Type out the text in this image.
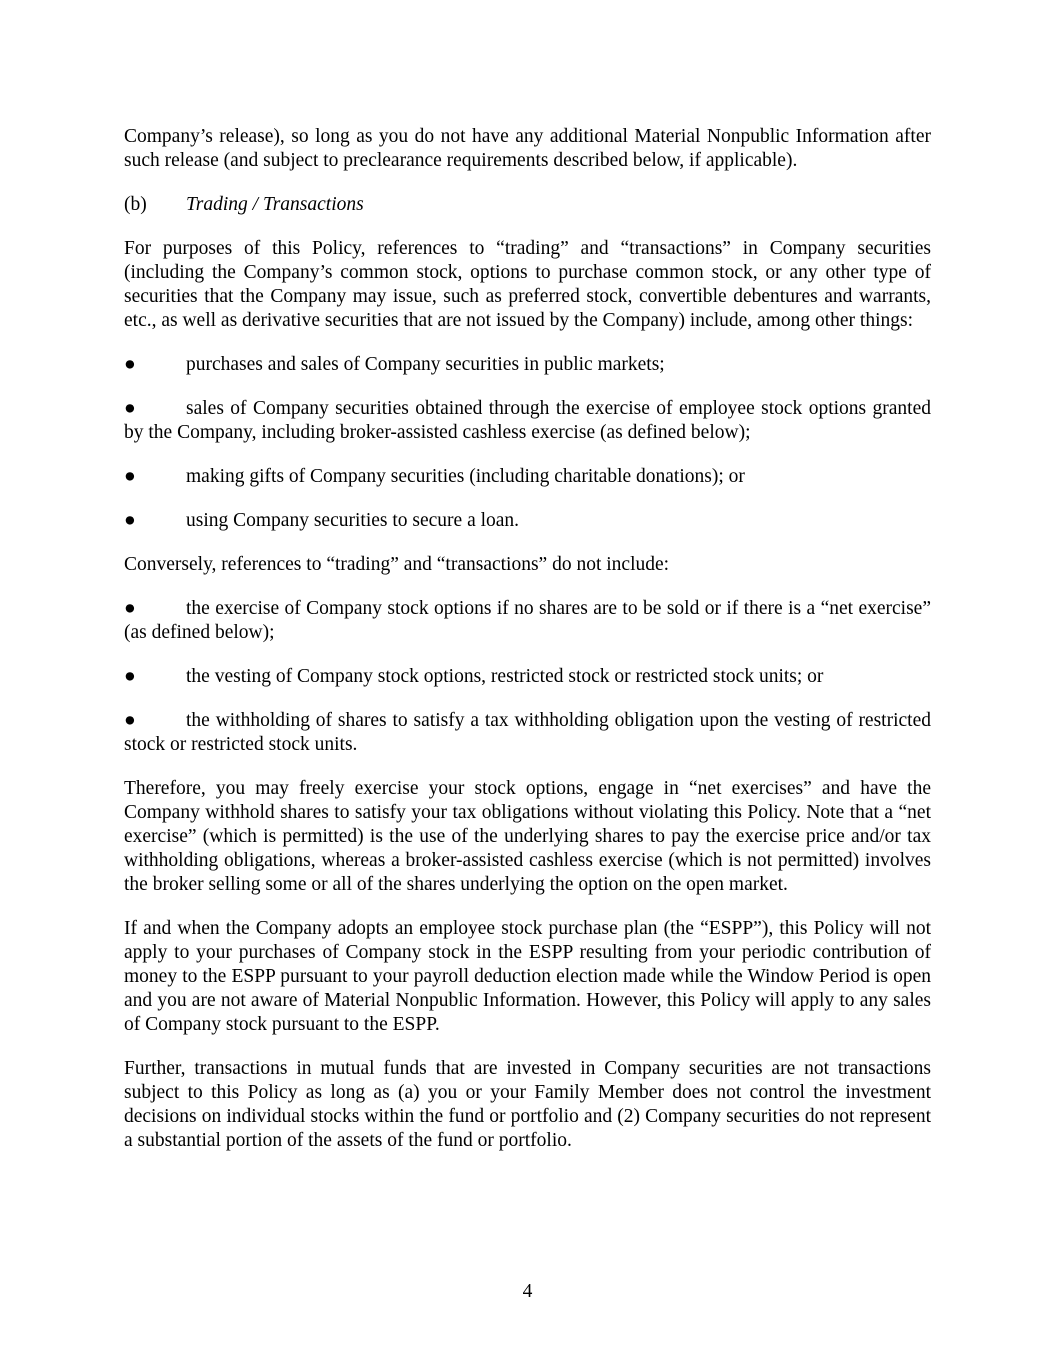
Company’s release), so long as you do not have any additional Material Nonpublic Information after such release (and subject to preclearance requirements described below, if applicable).

(b) Trading / Transactions

For purposes of this Policy, references to “trading” and “transactions” in Company securities (including the Company’s common stock, options to purchase common stock, or any other type of securities that the Company may issue, such as preferred stock, convertible debentures and warrants, etc., as well as derivative securities that are not issued by the Company) include, among other things:

●	purchases and sales of Company securities in public markets;
●	sales of Company securities obtained through the exercise of employee stock options granted by the Company, including broker-assisted cashless exercise (as defined below);
●	making gifts of Company securities (including charitable donations); or
●	using Company securities to secure a loan.

Conversely, references to “trading” and “transactions” do not include:

●	the exercise of Company stock options if no shares are to be sold or if there is a “net exercise” (as defined below);
●	the vesting of Company stock options, restricted stock or restricted stock units; or
●	the withholding of shares to satisfy a tax withholding obligation upon the vesting of restricted stock or restricted stock units.

Therefore, you may freely exercise your stock options, engage in “net exercises” and have the Company withhold shares to satisfy your tax obligations without violating this Policy. Note that a “net exercise” (which is permitted) is the use of the underlying shares to pay the exercise price and/or tax withholding obligations, whereas a broker-assisted cashless exercise (which is not permitted) involves the broker selling some or all of the shares underlying the option on the open market.

If and when the Company adopts an employee stock purchase plan (the “ESPP”), this Policy will not apply to your purchases of Company stock in the ESPP resulting from your periodic contribution of money to the ESPP pursuant to your payroll deduction election made while the Window Period is open and you are not aware of Material Nonpublic Information. However, this Policy will apply to any sales of Company stock pursuant to the ESPP.

Further, transactions in mutual funds that are invested in Company securities are not transactions subject to this Policy as long as (a) you or your Family Member does not control the investment decisions on individual stocks within the fund or portfolio and (2) Company securities do not represent a substantial portion of the assets of the fund or portfolio.

4
